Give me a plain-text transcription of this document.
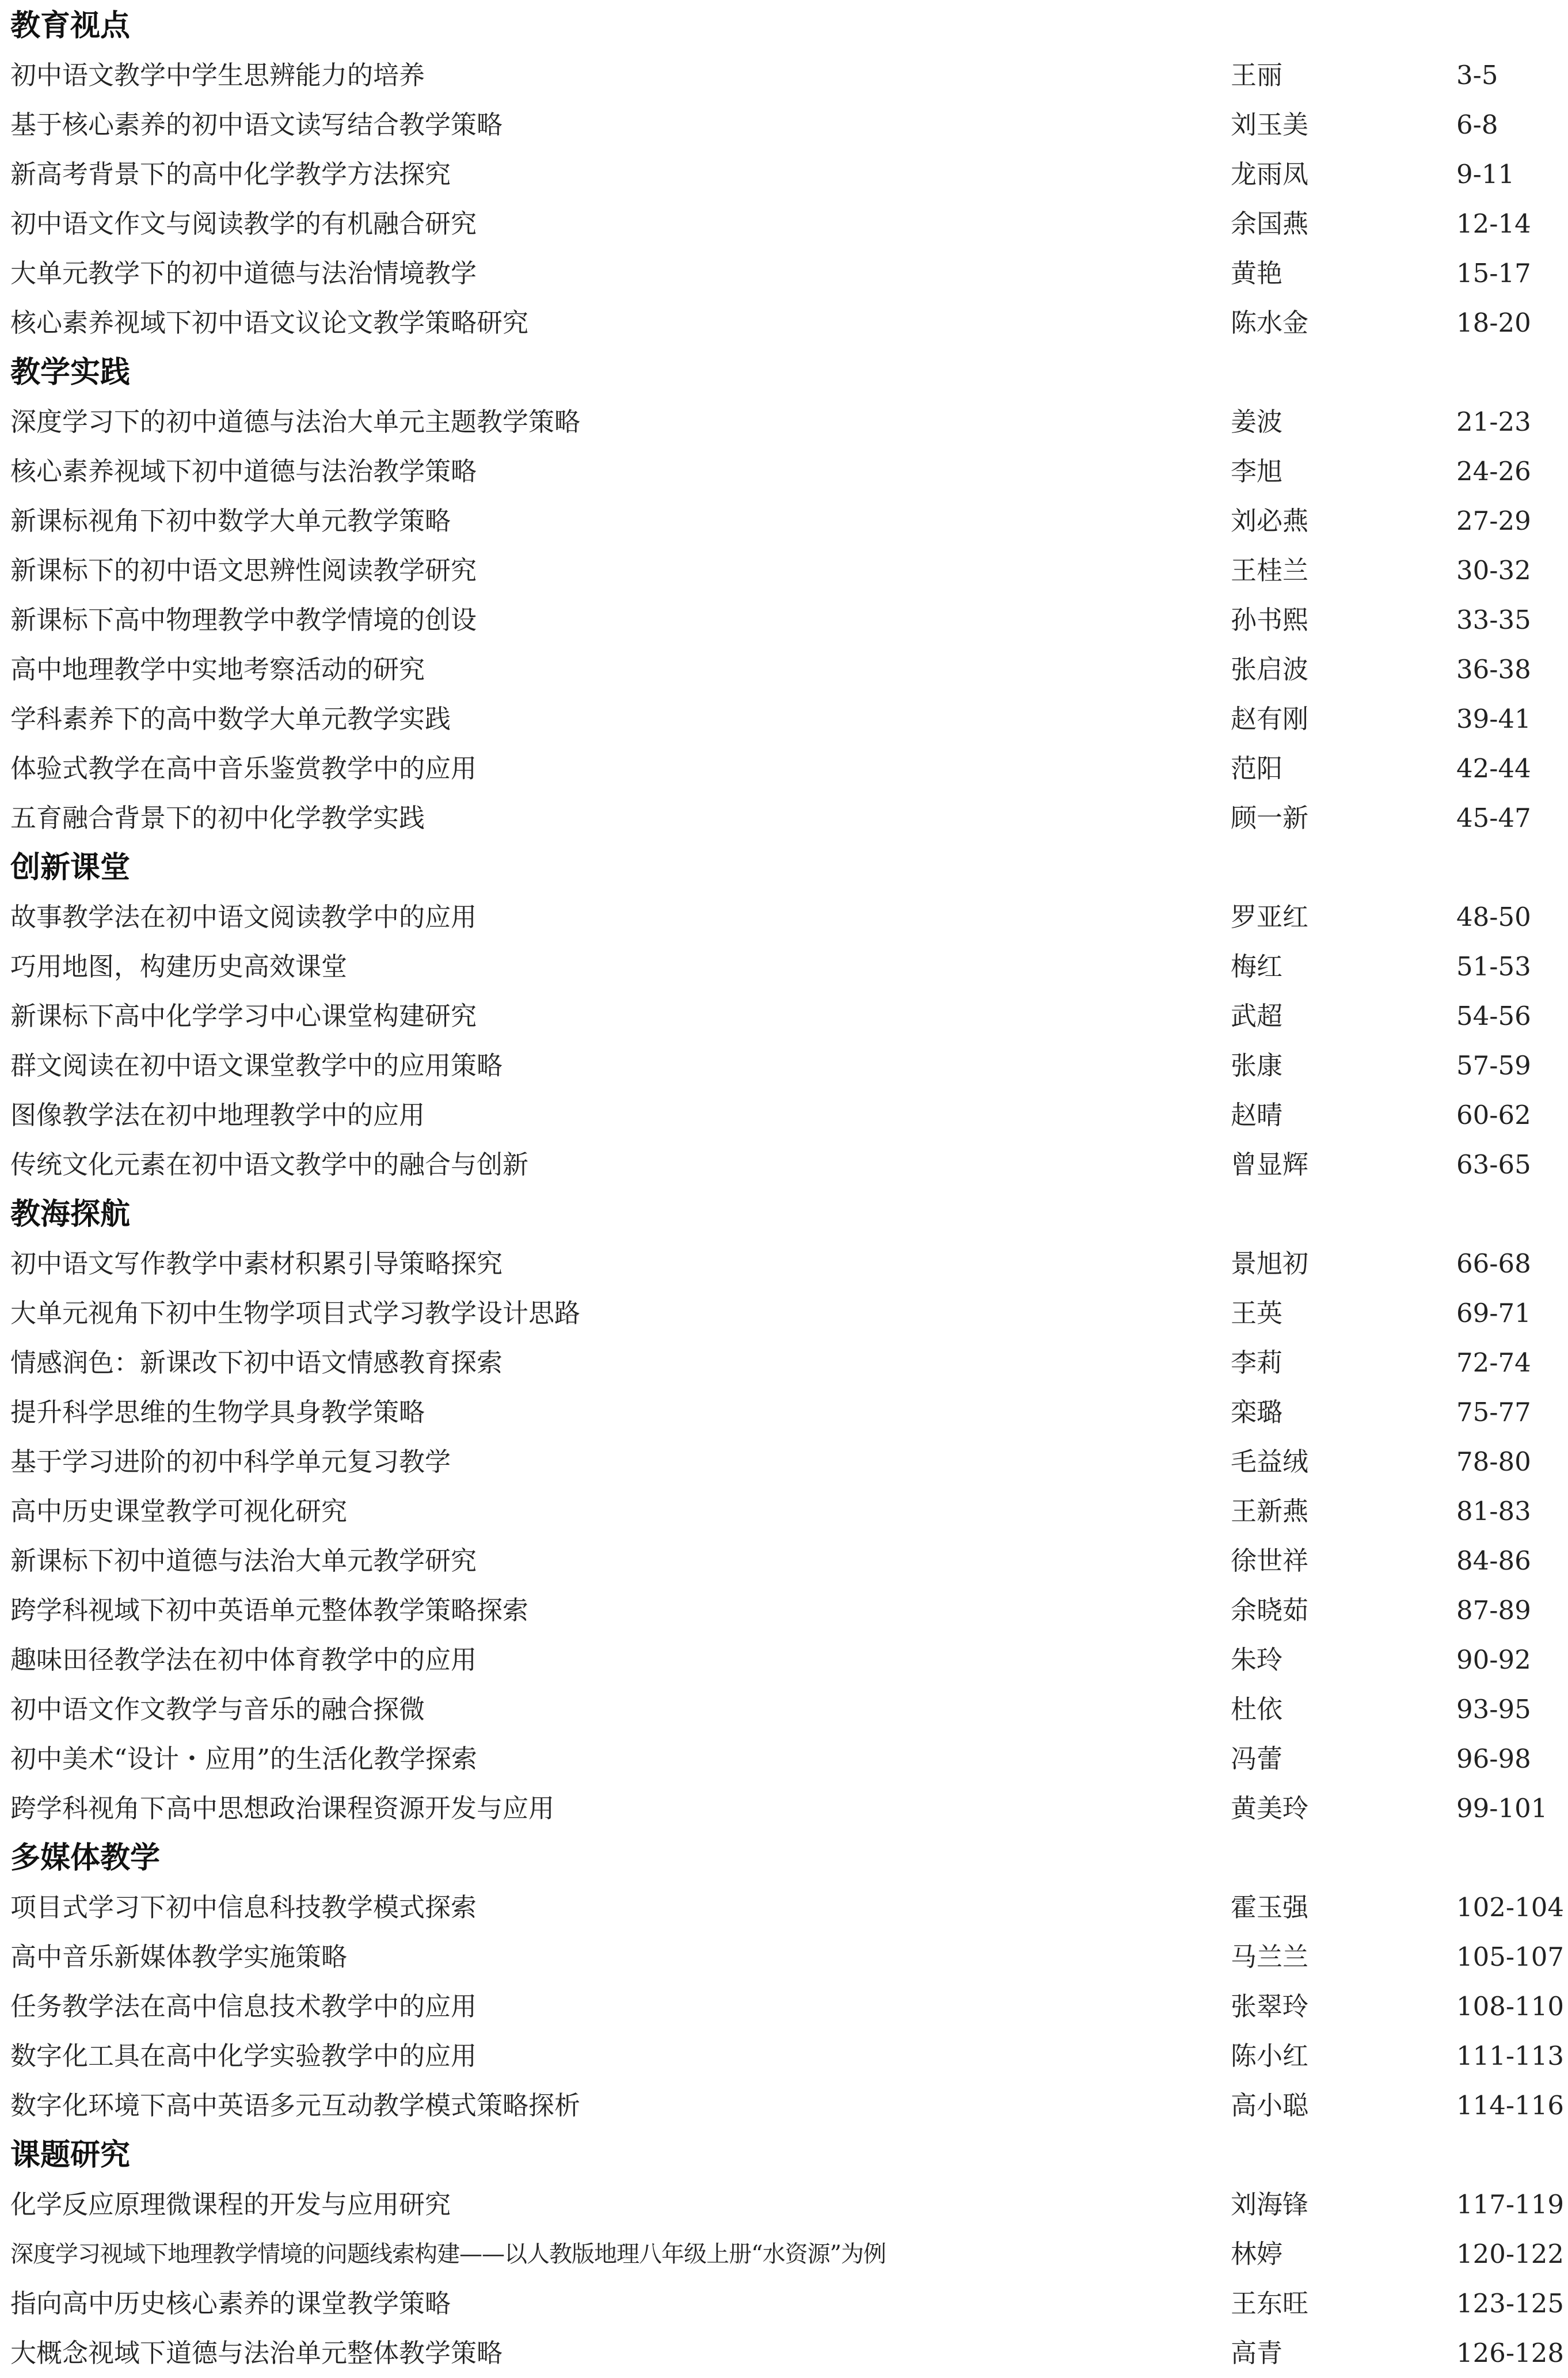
教育视点
初中语文教学中学生思辨能力的培养	王丽	3-5
基于核心素养的初中语文读写结合教学策略	刘玉美	6-8
新高考背景下的高中化学教学方法探究	龙雨凤	9-11
初中语文作文与阅读教学的有机融合研究	余国燕	12-14
大单元教学下的初中道德与法治情境教学	黄艳	15-17
核心素养视域下初中语文议论文教学策略研究	陈水金	18-20
教学实践
深度学习下的初中道德与法治大单元主题教学策略	姜波	21-23
核心素养视域下初中道德与法治教学策略	李旭	24-26
新课标视角下初中数学大单元教学策略	刘必燕	27-29
新课标下的初中语文思辨性阅读教学研究	王桂兰	30-32
新课标下高中物理教学中教学情境的创设	孙书熙	33-35
高中地理教学中实地考察活动的研究	张启波	36-38
学科素养下的高中数学大单元教学实践	赵有刚	39-41
体验式教学在高中音乐鉴赏教学中的应用	范阳	42-44
五育融合背景下的初中化学教学实践	顾一新	45-47
创新课堂
故事教学法在初中语文阅读教学中的应用	罗亚红	48-50
巧用地图，构建历史高效课堂	梅红	51-53
新课标下高中化学学习中心课堂构建研究	武超	54-56
群文阅读在初中语文课堂教学中的应用策略	张康	57-59
图像教学法在初中地理教学中的应用	赵晴	60-62
传统文化元素在初中语文教学中的融合与创新	曾显辉	63-65
教海探航
初中语文写作教学中素材积累引导策略探究	景旭初	66-68
大单元视角下初中生物学项目式学习教学设计思路	王英	69-71
情感润色：新课改下初中语文情感教育探索	李莉	72-74
提升科学思维的生物学具身教学策略	栾璐	75-77
基于学习进阶的初中科学单元复习教学	毛益绒	78-80
高中历史课堂教学可视化研究	王新燕	81-83
新课标下初中道德与法治大单元教学研究	徐世祥	84-86
跨学科视域下初中英语单元整体教学策略探索	余晓茹	87-89
趣味田径教学法在初中体育教学中的应用	朱玲	90-92
初中语文作文教学与音乐的融合探微	杜依	93-95
初中美术“设计・应用”的生活化教学探索	冯蕾	96-98
跨学科视角下高中思想政治课程资源开发与应用	黄美玲	99-101
多媒体教学
项目式学习下初中信息科技教学模式探索	霍玉强	102-104
高中音乐新媒体教学实施策略	马兰兰	105-107
任务教学法在高中信息技术教学中的应用	张翠玲	108-110
数字化工具在高中化学实验教学中的应用	陈小红	111-113
数字化环境下高中英语多元互动教学模式策略探析	高小聪	114-116
课题研究
化学反应原理微课程的开发与应用研究	刘海锋	117-119
深度学习视域下地理教学情境的问题线索构建——以人教版地理八年级上册“水资源”为例	林婷	120-122
指向高中历史核心素养的课堂教学策略	王东旺	123-125
大概念视域下道德与法治单元整体教学策略	高青	126-128
